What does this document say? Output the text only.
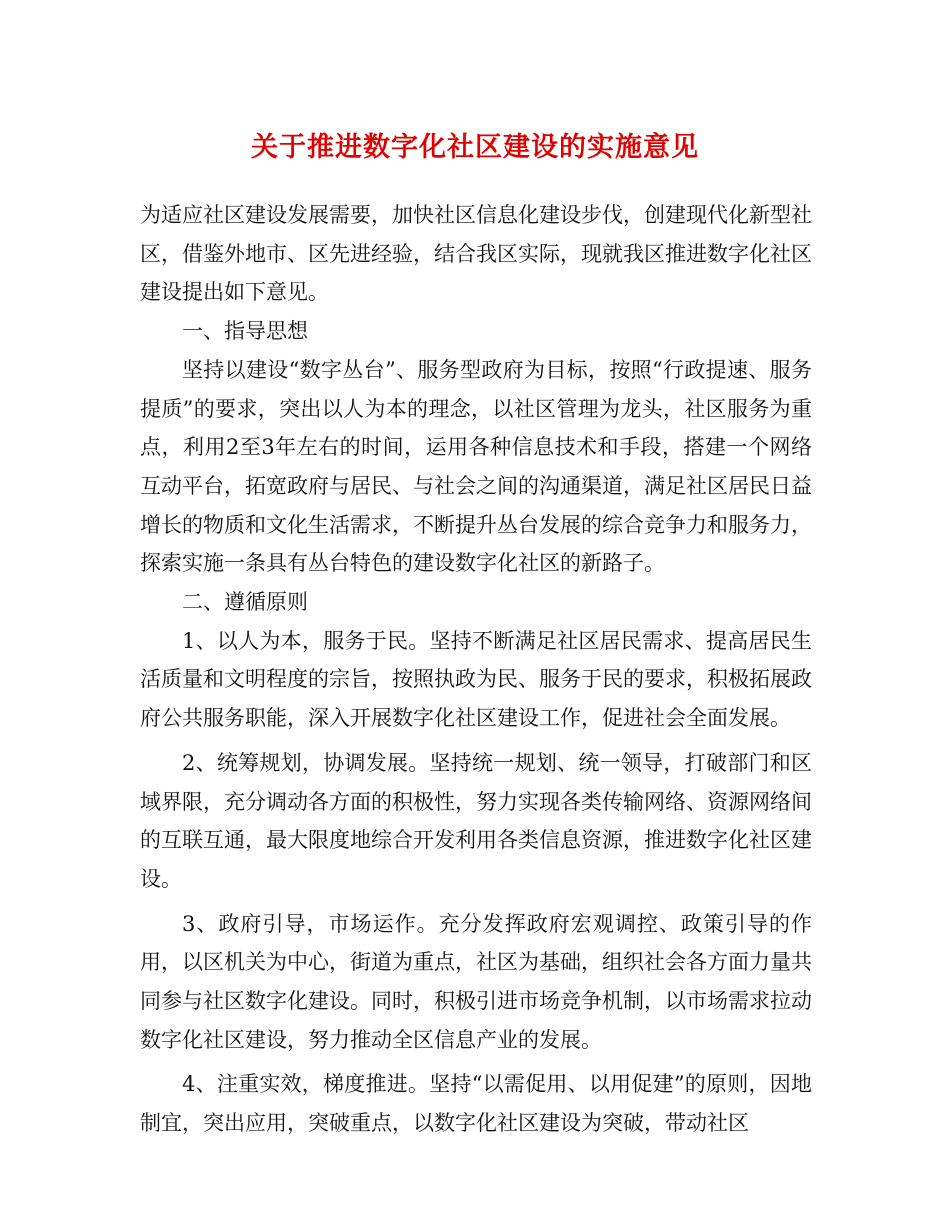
关于推进数字化社区建设的实施意见

为适应社区建设发展需要，加快社区信息化建设步伐，创建现代化新型社区，借鉴外地市、区先进经验，结合我区实际，现就我区推进数字化社区建设提出如下意见。

一、指导思想

坚持以建设“数字丛台”、服务型政府为目标，按照“行政提速、服务提质”的要求，突出以人为本的理念，以社区管理为龙头，社区服务为重点，利用2至3年左右的时间，运用各种信息技术和手段，搭建一个网络互动平台，拓宽政府与居民、与社会之间的沟通渠道，满足社区居民日益增长的物质和文化生活需求，不断提升丛台发展的综合竞争力和服务力，探索实施一条具有丛台特色的建设数字化社区的新路子。

二、遵循原则

1、以人为本，服务于民。坚持不断满足社区居民需求、提高居民生活质量和文明程度的宗旨，按照执政为民、服务于民的要求，积极拓展政府公共服务职能，深入开展数字化社区建设工作，促进社会全面发展。

2、统筹规划，协调发展。坚持统一规划、统一领导，打破部门和区域界限，充分调动各方面的积极性，努力实现各类传输网络、资源网络间的互联互通，最大限度地综合开发利用各类信息资源，推进数字化社区建设。

3、政府引导，市场运作。充分发挥政府宏观调控、政策引导的作用，以区机关为中心，街道为重点，社区为基础，组织社会各方面力量共同参与社区数字化建设。同时，积极引进市场竞争机制，以市场需求拉动数字化社区建设，努力推动全区信息产业的发展。

4、注重实效，梯度推进。坚持“以需促用、以用促建”的原则，因地制宜，突出应用，突破重点，以数字化社区建设为突破，带动社区
